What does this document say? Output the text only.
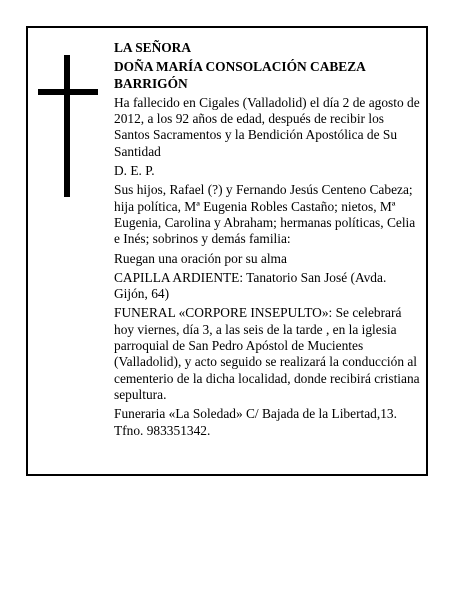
LA SEÑORA

DOÑA MARÍA CONSOLACIÓN CABEZA BARRIGÓN

Ha fallecido en Cigales (Valladolid) el día 2 de agosto de 2012, a los 92 años de edad, después de recibir los Santos Sacramentos y la Bendición Apostólica de Su Santidad

D. E. P.

Sus hijos, Rafael (?) y Fernando Jesús Centeno Cabeza; hija política, Mª Eugenia Robles Castaño; nietos, Mª Eugenia, Carolina y Abraham; hermanas políticas, Celia e Inés; sobrinos y demás familia:

Ruegan una oración por su alma

CAPILLA ARDIENTE: Tanatorio San José (Avda. Gijón, 64)

FUNERAL «CORPORE INSEPULTO»: Se celebrará hoy viernes, día 3, a las seis de la tarde , en la iglesia parroquial de San Pedro Apóstol de Mucientes (Valladolid), y acto seguido se realizará la conducción al cementerio de la dicha localidad, donde recibirá cristiana sepultura.

Funeraria «La Soledad» C/ Bajada de la Libertad,13. Tfno. 983351342.
